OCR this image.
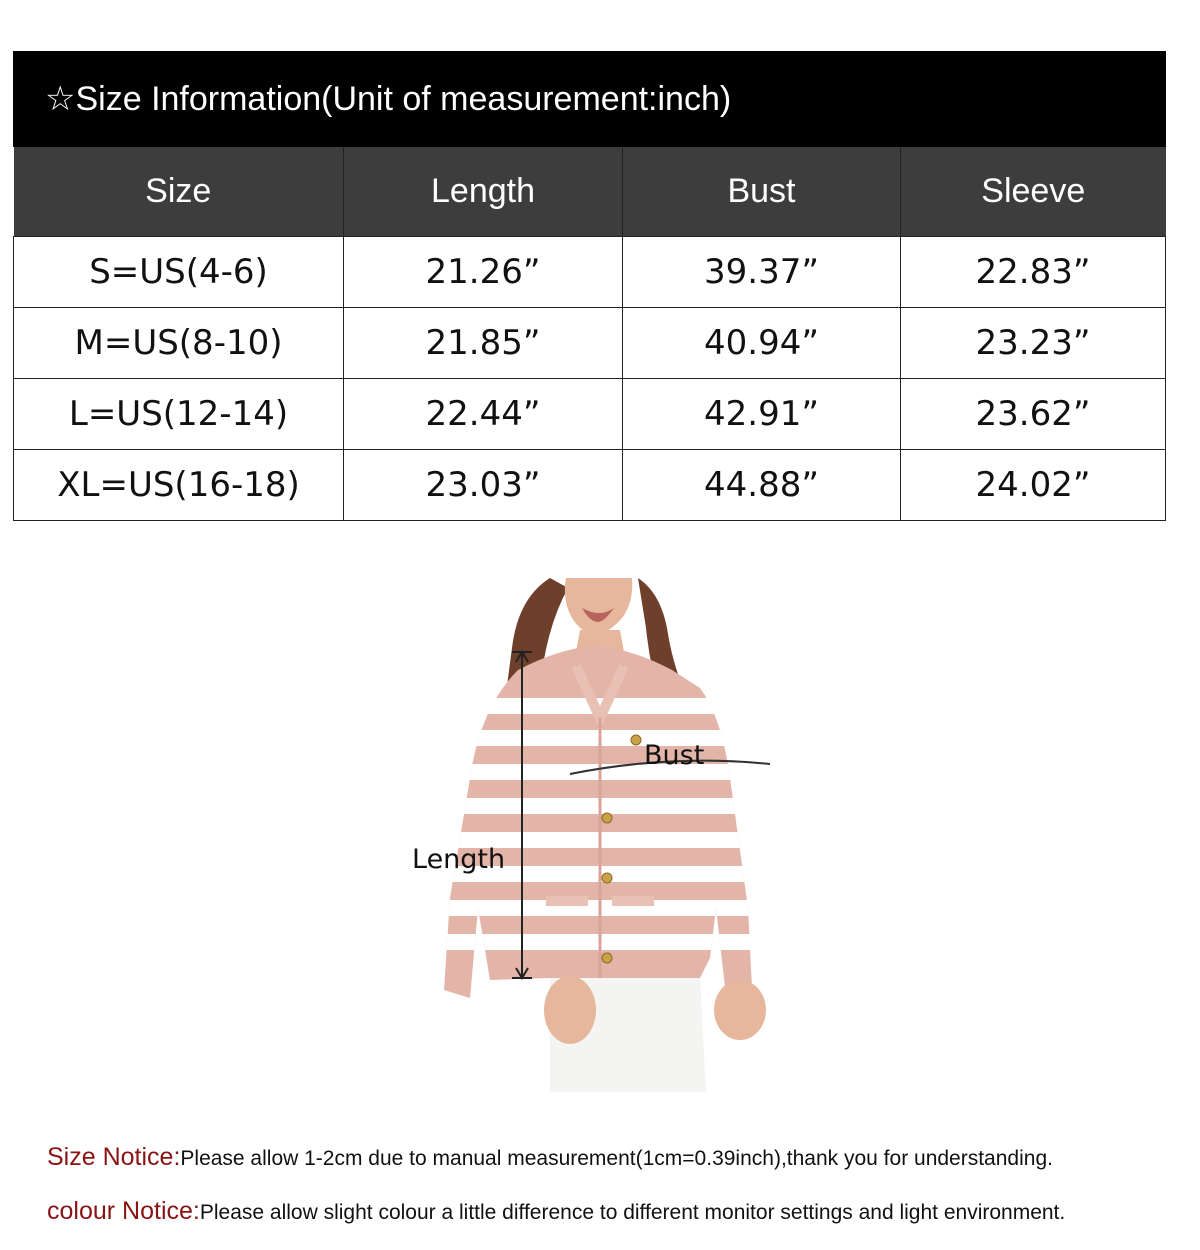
☆Size Information(Unit of measurement:inch)
Size	Length	Bust	Sleeve
S=US(4-6)	21.26”	39.37”	22.83”
M=US(8-10)	21.85”	40.94”	23.23”
L=US(12-14)	22.44”	42.91”	23.62”
XL=US(16-18)	23.03”	44.88”	24.02”
Bust
Length
Size Notice:Please allow 1-2cm due to manual measurement(1cm=0.39inch),thank you for understanding.
colour Notice:Please allow slight colour a little difference to different monitor settings and light environment.
